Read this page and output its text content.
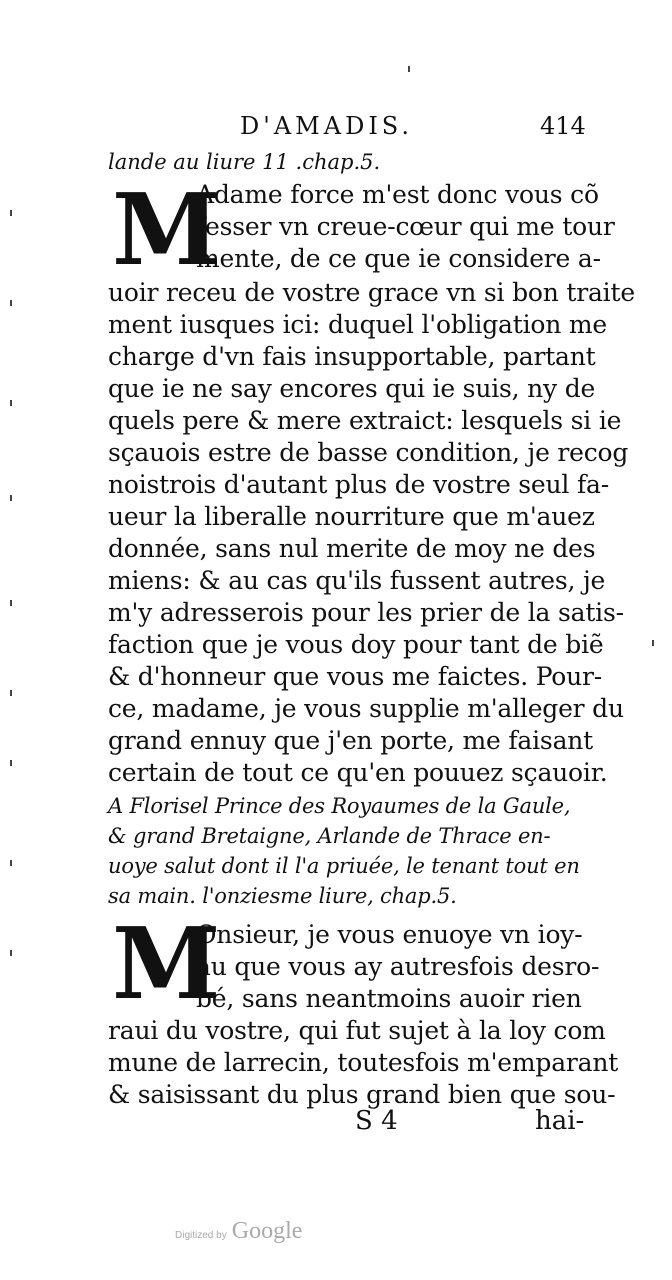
D'AMADIS.	414
lande au liure 11 .chap.5.
M
Adame force m'est donc vous cõ
fesser vn creue-cœur qui me tour
mente, de ce que ie considere a-
uoir receu de vostre grace vn si bon traite
ment iusques ici: duquel l'obligation me
charge d'vn fais insupportable, partant
que ie ne say encores qui ie suis, ny de
quels pere & mere extraict: lesquels si ie
sçauois estre de basse condition, je recog
noistrois d'autant plus de vostre seul fa-
ueur la liberalle nourriture que m'auez
donnée, sans nul merite de moy ne des
miens: & au cas qu'ils fussent autres, je
m'y adresserois pour les prier de la satis-
faction que je vous doy pour tant de biẽ
& d'honneur que vous me faictes. Pour-
ce, madame, je vous supplie m'alleger du
grand ennuy que j'en porte, me faisant
certain de tout ce qu'en pouuez sçauoir.
A Florisel Prince des Royaumes de la Gaule,
& grand Bretaigne, Arlande de Thrace en-
uoye salut dont il l'a priuée, le tenant tout en
sa main. l'onziesme liure, chap.5.
M
Onsieur, je vous enuoye vn ioy-
au que vous ay autresfois desro-
bé, sans neantmoins auoir rien
raui du vostre, qui fut sujet à la loy com
mune de larrecin, toutesfois m'emparant
& saisissant du plus grand bien que sou-
S 4	hai-
Digitized by Google
